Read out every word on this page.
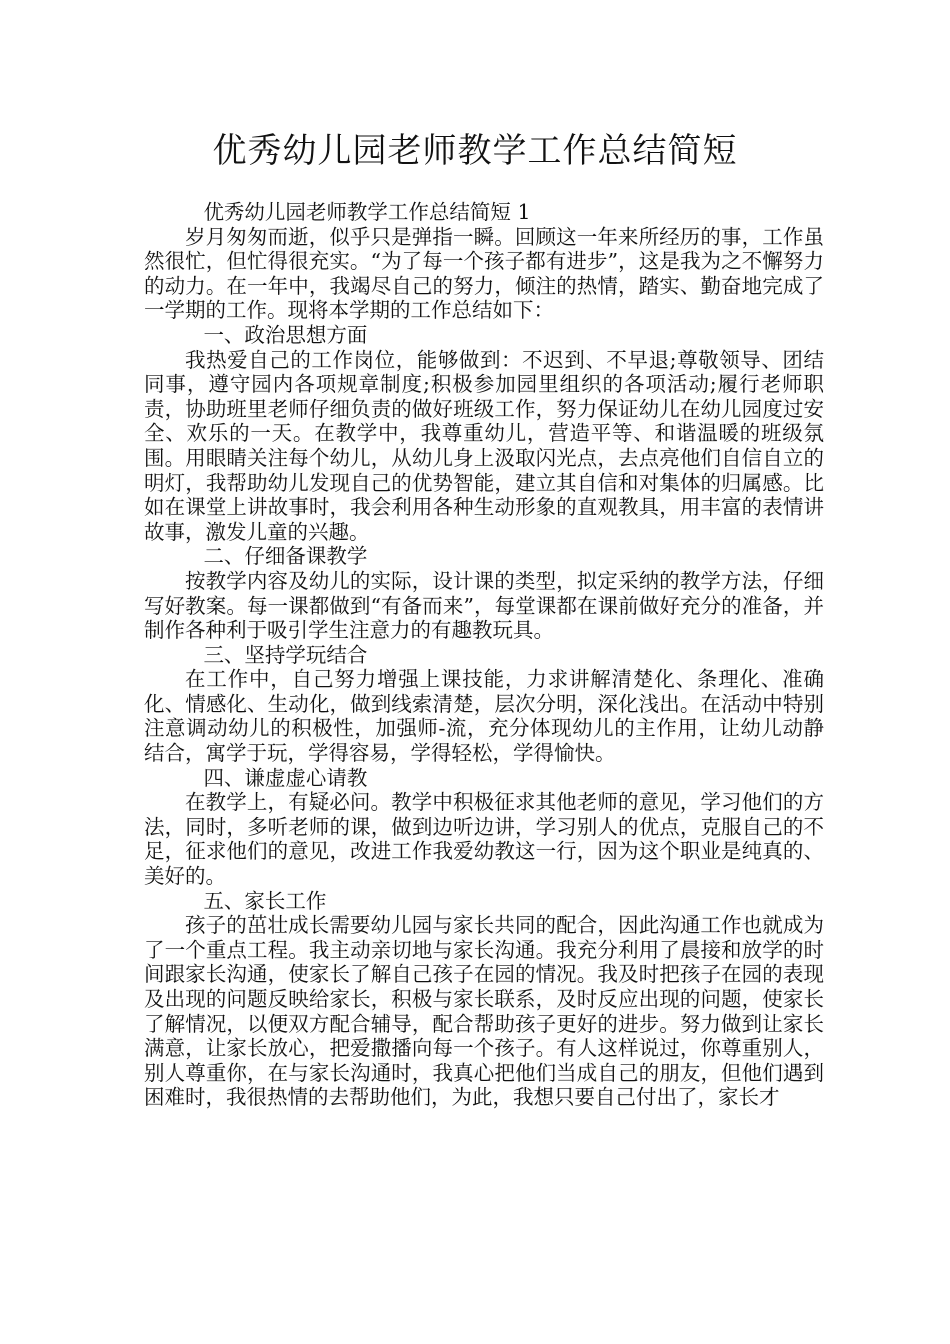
优秀幼儿园老师教学工作总结简短

优秀幼儿园老师教学工作总结简短 1

岁月匆匆而逝，似乎只是弹指一瞬。回顾这一年来所经历的事，工作虽然很忙，但忙得很充实。“为了每一个孩子都有进步”，这是我为之不懈努力的动力。在一年中，我竭尽自己的努力，倾注的热情，踏实、勤奋地完成了一学期的工作。现将本学期的工作总结如下：

一、政治思想方面

我热爱自己的工作岗位，能够做到：不迟到、不早退;尊敬领导、团结同事，遵守园内各项规章制度;积极参加园里组织的各项活动;履行老师职责，协助班里老师仔细负责的做好班级工作，努力保证幼儿在幼儿园度过安全、欢乐的一天。在教学中，我尊重幼儿，营造平等、和谐温暖的班级氛围。用眼睛关注每个幼儿，从幼儿身上汲取闪光点，去点亮他们自信自立的明灯，我帮助幼儿发现自己的优势智能，建立其自信和对集体的归属感。比如在课堂上讲故事时，我会利用各种生动形象的直观教具，用丰富的表情讲故事，激发儿童的兴趣。

二、仔细备课教学

按教学内容及幼儿的实际，设计课的类型，拟定采纳的教学方法，仔细写好教案。每一课都做到“有备而来”，每堂课都在课前做好充分的准备，并制作各种利于吸引学生注意力的有趣教玩具。

三、坚持学玩结合

在工作中，自己努力增强上课技能，力求讲解清楚化、条理化、准确化、情感化、生动化，做到线索清楚，层次分明，深化浅出。在活动中特别注意调动幼儿的积极性，加强师-流，充分体现幼儿的主作用，让幼儿动静结合，寓学于玩，学得容易，学得轻松，学得愉快。

四、谦虚虚心请教

在教学上，有疑必问。教学中积极征求其他老师的意见，学习他们的方法，同时，多听老师的课，做到边听边讲，学习别人的优点，克服自己的不足，征求他们的意见，改进工作我爱幼教这一行，因为这个职业是纯真的、美好的。

五、家长工作

孩子的茁壮成长需要幼儿园与家长共同的配合，因此沟通工作也就成为了一个重点工程。我主动亲切地与家长沟通。我充分利用了晨接和放学的时间跟家长沟通，使家长了解自己孩子在园的情况。我及时把孩子在园的表现及出现的问题反映给家长，积极与家长联系，及时反应出现的问题，使家长了解情况，以便双方配合辅导，配合帮助孩子更好的进步。努力做到让家长满意，让家长放心，把爱撒播向每一个孩子。有人这样说过，你尊重别人，别人尊重你，在与家长沟通时，我真心把他们当成自己的朋友，但他们遇到困难时，我很热情的去帮助他们，为此，我想只要自己付出了，家长才
